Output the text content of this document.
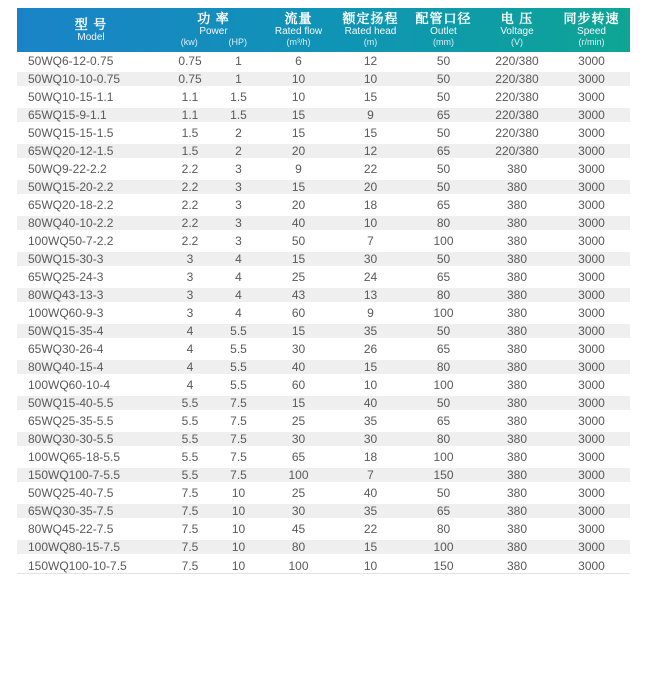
型 号
Model

功 率
Power
(kw)	(HP)

流量
Rated flow
(m³/h)

额定扬程
Rated head
(m)

配管口径
Outlet
(mm)

电 压
Voltage
(V)

同步转速
Speed
(r/min)

50WQ6-12-0.75	0.75	1	6	12	50	220/380	3000
50WQ10-10-0.75	0.75	1	10	10	50	220/380	3000
50WQ10-15-1.1	1.1	1.5	10	15	50	220/380	3000
65WQ15-9-1.1	1.1	1.5	15	9	65	220/380	3000
50WQ15-15-1.5	1.5	2	15	15	50	220/380	3000
65WQ20-12-1.5	1.5	2	20	12	65	220/380	3000
50WQ9-22-2.2	2.2	3	9	22	50	380	3000
50WQ15-20-2.2	2.2	3	15	20	50	380	3000
65WQ20-18-2.2	2.2	3	20	18	65	380	3000
80WQ40-10-2.2	2.2	3	40	10	80	380	3000
100WQ50-7-2.2	2.2	3	50	7	100	380	3000
50WQ15-30-3	3	4	15	30	50	380	3000
65WQ25-24-3	3	4	25	24	65	380	3000
80WQ43-13-3	3	4	43	13	80	380	3000
100WQ60-9-3	3	4	60	9	100	380	3000
50WQ15-35-4	4	5.5	15	35	50	380	3000
65WQ30-26-4	4	5.5	30	26	65	380	3000
80WQ40-15-4	4	5.5	40	15	80	380	3000
100WQ60-10-4	4	5.5	60	10	100	380	3000
50WQ15-40-5.5	5.5	7.5	15	40	50	380	3000
65WQ25-35-5.5	5.5	7.5	25	35	65	380	3000
80WQ30-30-5.5	5.5	7.5	30	30	80	380	3000
100WQ65-18-5.5	5.5	7.5	65	18	100	380	3000
150WQ100-7-5.5	5.5	7.5	100	7	150	380	3000
50WQ25-40-7.5	7.5	10	25	40	50	380	3000
65WQ30-35-7.5	7.5	10	30	35	65	380	3000
80WQ45-22-7.5	7.5	10	45	22	80	380	3000
100WQ80-15-7.5	7.5	10	80	15	100	380	3000
150WQ100-10-7.5	7.5	10	100	10	150	380	3000
